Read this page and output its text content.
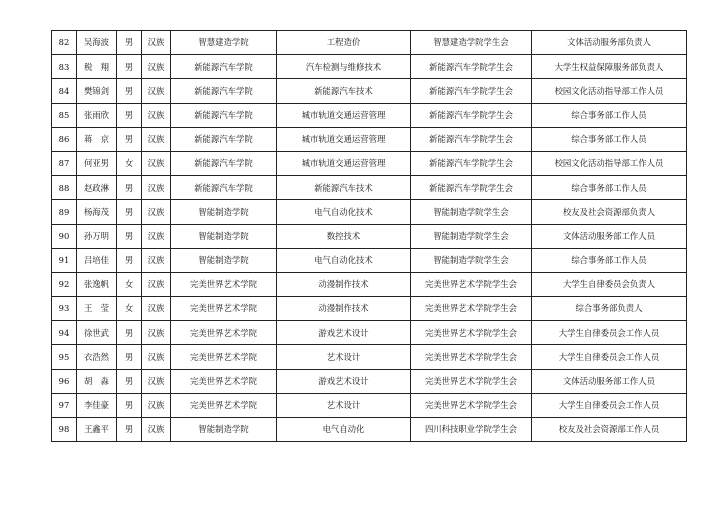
82	吴海波	男	汉族	智慧建造学院	工程造价	智慧建造学院学生会	文体活动服务部负责人
83	税　翔	男	汉族	新能源汽车学院	汽车检测与维修技术	新能源汽车学院学生会	大学生权益保障服务部负责人
84	樊锦剑	男	汉族	新能源汽车学院	新能源汽车技术	新能源汽车学院学生会	校园文化活动指导部工作人员
85	张雨欣	男	汉族	新能源汽车学院	城市轨道交通运营管理	新能源汽车学院学生会	综合事务部工作人员
86	蒋　京	男	汉族	新能源汽车学院	城市轨道交通运营管理	新能源汽车学院学生会	综合事务部工作人员
87	何亚男	女	汉族	新能源汽车学院	城市轨道交通运营管理	新能源汽车学院学生会	校园文化活动指导部工作人员
88	赵政淋	男	汉族	新能源汽车学院	新能源汽车技术	新能源汽车学院学生会	综合事务部工作人员
89	杨海茂	男	汉族	智能制造学院	电气自动化技术	智能制造学院学生会	校友及社会资源部负责人
90	孙万明	男	汉族	智能制造学院	数控技术	智能制造学院学生会	文体活动服务部工作人员
91	吕培佳	男	汉族	智能制造学院	电气自动化技术	智能制造学院学生会	综合事务部工作人员
92	张逸帆	女	汉族	完美世界艺术学院	动漫制作技术	完美世界艺术学院学生会	大学生自律委员会负责人
93	王　莹	女	汉族	完美世界艺术学院	动漫制作技术	完美世界艺术学院学生会	综合事务部负责人
94	徐世武	男	汉族	完美世界艺术学院	游戏艺术设计	完美世界艺术学院学生会	大学生自律委员会工作人员
95	衣浩然	男	汉族	完美世界艺术学院	艺术设计	完美世界艺术学院学生会	大学生自律委员会工作人员
96	胡　淼	男	汉族	完美世界艺术学院	游戏艺术设计	完美世界艺术学院学生会	文体活动服务部工作人员
97	李佳豪	男	汉族	完美世界艺术学院	艺术设计	完美世界艺术学院学生会	大学生自律委员会工作人员
98	王鑫平	男	汉族	智能制造学院	电气自动化	四川科技职业学院学生会	校友及社会资源部工作人员
